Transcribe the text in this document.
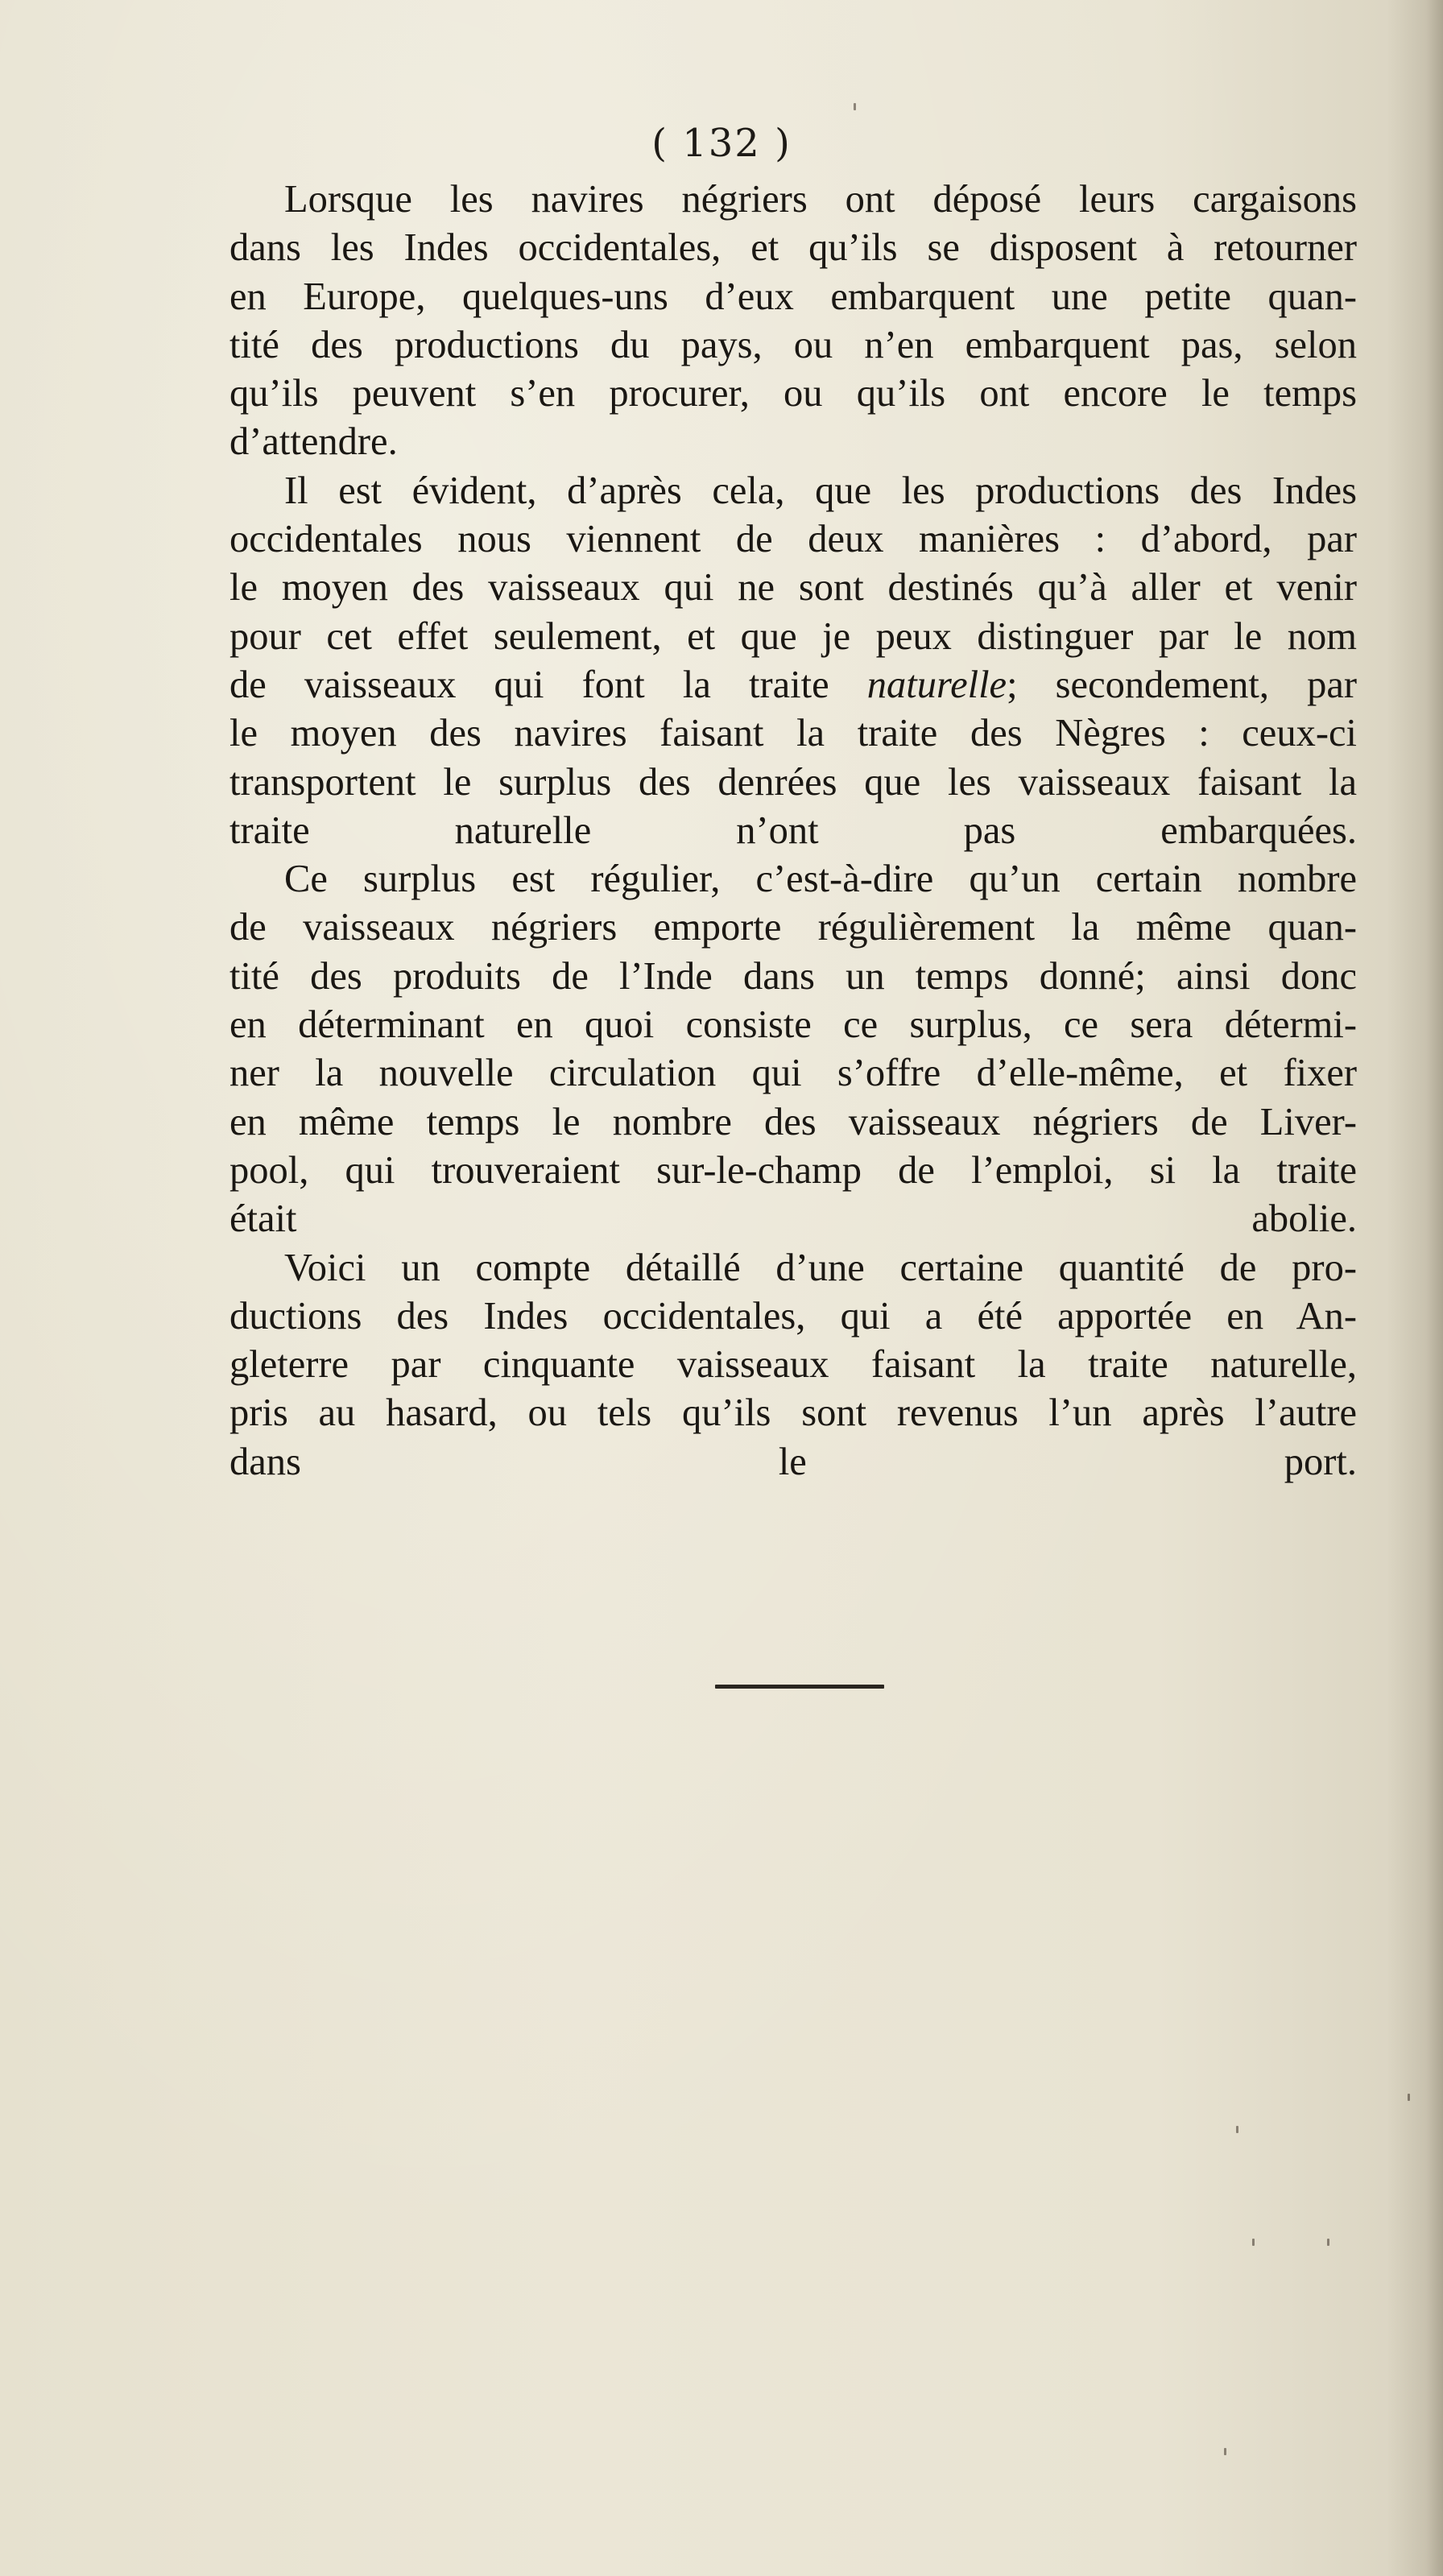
( 132 )
Lorsque les navires négriers ont déposé leurs cargaisons
dans les Indes occidentales, et qu’ils se disposent à retourner
en Europe, quelques-uns d’eux embarquent une petite quan-
tité des productions du pays, ou n’en embarquent pas, selon
qu’ils peuvent s’en procurer, ou qu’ils ont encore le temps
d’attendre.
Il est évident, d’après cela, que les productions des Indes
occidentales nous viennent de deux manières : d’abord, par
le moyen des vaisseaux qui ne sont destinés qu’à aller et venir
pour cet effet seulement, et que je peux distinguer par le nom
de vaisseaux qui font la traite naturelle; secondement, par
le moyen des navires faisant la traite des Nègres : ceux-ci
transportent le surplus des denrées que les vaisseaux faisant la
traite naturelle n’ont pas embarquées.
Ce surplus est régulier, c’est-à-dire qu’un certain nombre
de vaisseaux négriers emporte régulièrement la même quan-
tité des produits de l’Inde dans un temps donné; ainsi donc
en déterminant en quoi consiste ce surplus, ce sera détermi-
ner la nouvelle circulation qui s’offre d’elle-même, et fixer
en même temps le nombre des vaisseaux négriers de Liver-
pool, qui trouveraient sur-le-champ de l’emploi, si la traite
était abolie.
Voici un compte détaillé d’une certaine quantité de pro-
ductions des Indes occidentales, qui a été apportée en An-
gleterre par cinquante vaisseaux faisant la traite naturelle,
pris au hasard, ou tels qu’ils sont revenus l’un après l’autre
dans le port.
